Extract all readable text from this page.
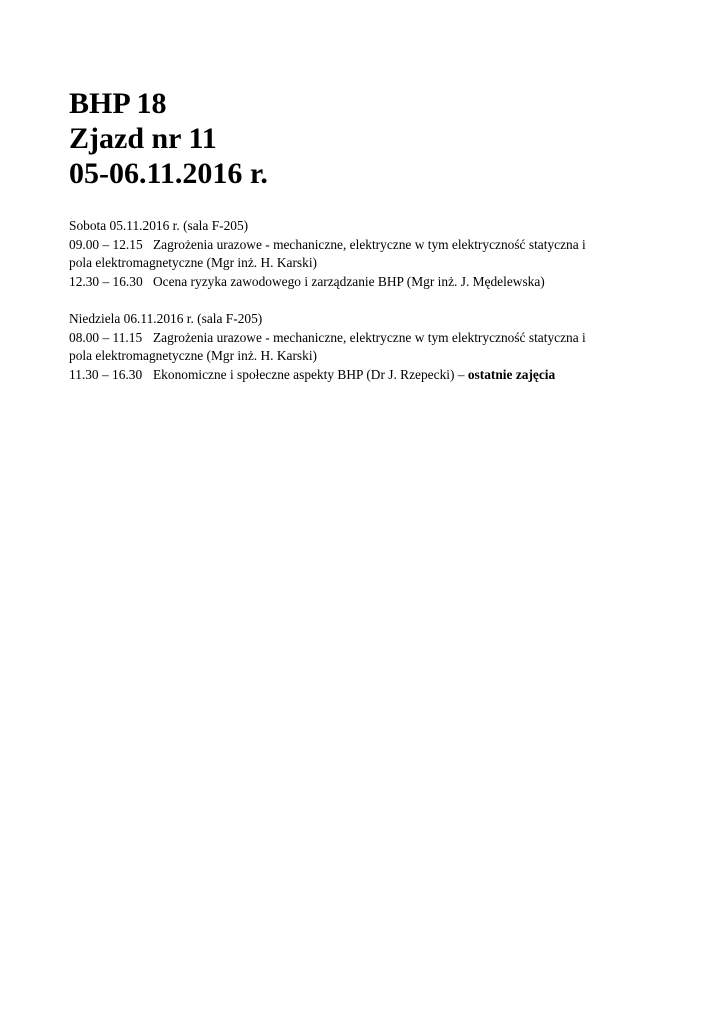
BHP 18
Zjazd nr 11
05-06.11.2016 r.
Sobota 05.11.2016 r. (sala F-205)
09.00 – 12.15 Zagrożenia urazowe - mechaniczne, elektryczne w tym elektryczność statyczna i
pola elektromagnetyczne (Mgr inż. H. Karski)
12.30 – 16.30 Ocena ryzyka zawodowego i zarządzanie BHP (Mgr inż. J. Mędelewska)
Niedziela 06.11.2016 r. (sala F-205)
08.00 – 11.15 Zagrożenia urazowe - mechaniczne, elektryczne w tym elektryczność statyczna i
pola elektromagnetyczne (Mgr inż. H. Karski)
11.30 – 16.30 Ekonomiczne i społeczne aspekty BHP (Dr J. Rzepecki) – ostatnie zajęcia
